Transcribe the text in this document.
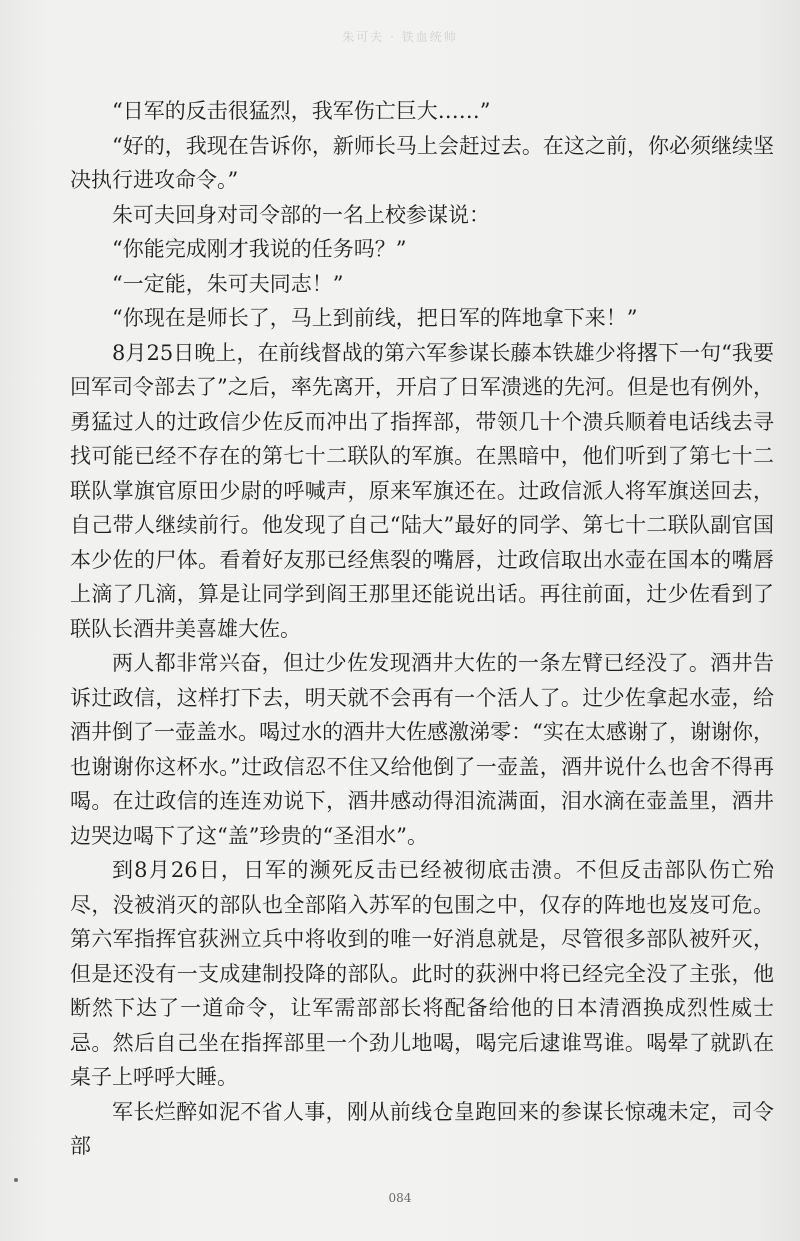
朱可夫 · 铁血统帅

“日军的反击很猛烈，我军伤亡巨大……”

“好的，我现在告诉你，新师长马上会赶过去。在这之前，你必须继续坚决执行进攻命令。”

朱可夫回身对司令部的一名上校参谋说：

“你能完成刚才我说的任务吗？”

“一定能，朱可夫同志！”

“你现在是师长了，马上到前线，把日军的阵地拿下来！”

8月25日晚上，在前线督战的第六军参谋长藤本铁雄少将撂下一句“我要回军司令部去了”之后，率先离开，开启了日军溃逃的先河。但是也有例外，勇猛过人的辻政信少佐反而冲出了指挥部，带领几十个溃兵顺着电话线去寻找可能已经不存在的第七十二联队的军旗。在黑暗中，他们听到了第七十二联队掌旗官原田少尉的呼喊声，原来军旗还在。辻政信派人将军旗送回去，自己带人继续前行。他发现了自己“陆大”最好的同学、第七十二联队副官国本少佐的尸体。看着好友那已经焦裂的嘴唇，辻政信取出水壶在国本的嘴唇上滴了几滴，算是让同学到阎王那里还能说出话。再往前面，辻少佐看到了联队长酒井美喜雄大佐。

两人都非常兴奋，但辻少佐发现酒井大佐的一条左臂已经没了。酒井告诉辻政信，这样打下去，明天就不会再有一个活人了。辻少佐拿起水壶，给酒井倒了一壶盖水。喝过水的酒井大佐感激涕零：“实在太感谢了，谢谢你，也谢谢你这杯水。”辻政信忍不住又给他倒了一壶盖，酒井说什么也舍不得再喝。在辻政信的连连劝说下，酒井感动得泪流满面，泪水滴在壶盖里，酒井边哭边喝下了这“盖”珍贵的“圣泪水”。

到8月26日，日军的濒死反击已经被彻底击溃。不但反击部队伤亡殆尽，没被消灭的部队也全部陷入苏军的包围之中，仅存的阵地也岌岌可危。第六军指挥官荻洲立兵中将收到的唯一好消息就是，尽管很多部队被歼灭，但是还没有一支成建制投降的部队。此时的荻洲中将已经完全没了主张，他断然下达了一道命令，让军需部部长将配备给他的日本清酒换成烈性威士忌。然后自己坐在指挥部里一个劲儿地喝，喝完后逮谁骂谁。喝晕了就趴在桌子上呼呼大睡。

军长烂醉如泥不省人事，刚从前线仓皇跑回来的参谋长惊魂未定，司令部

084
